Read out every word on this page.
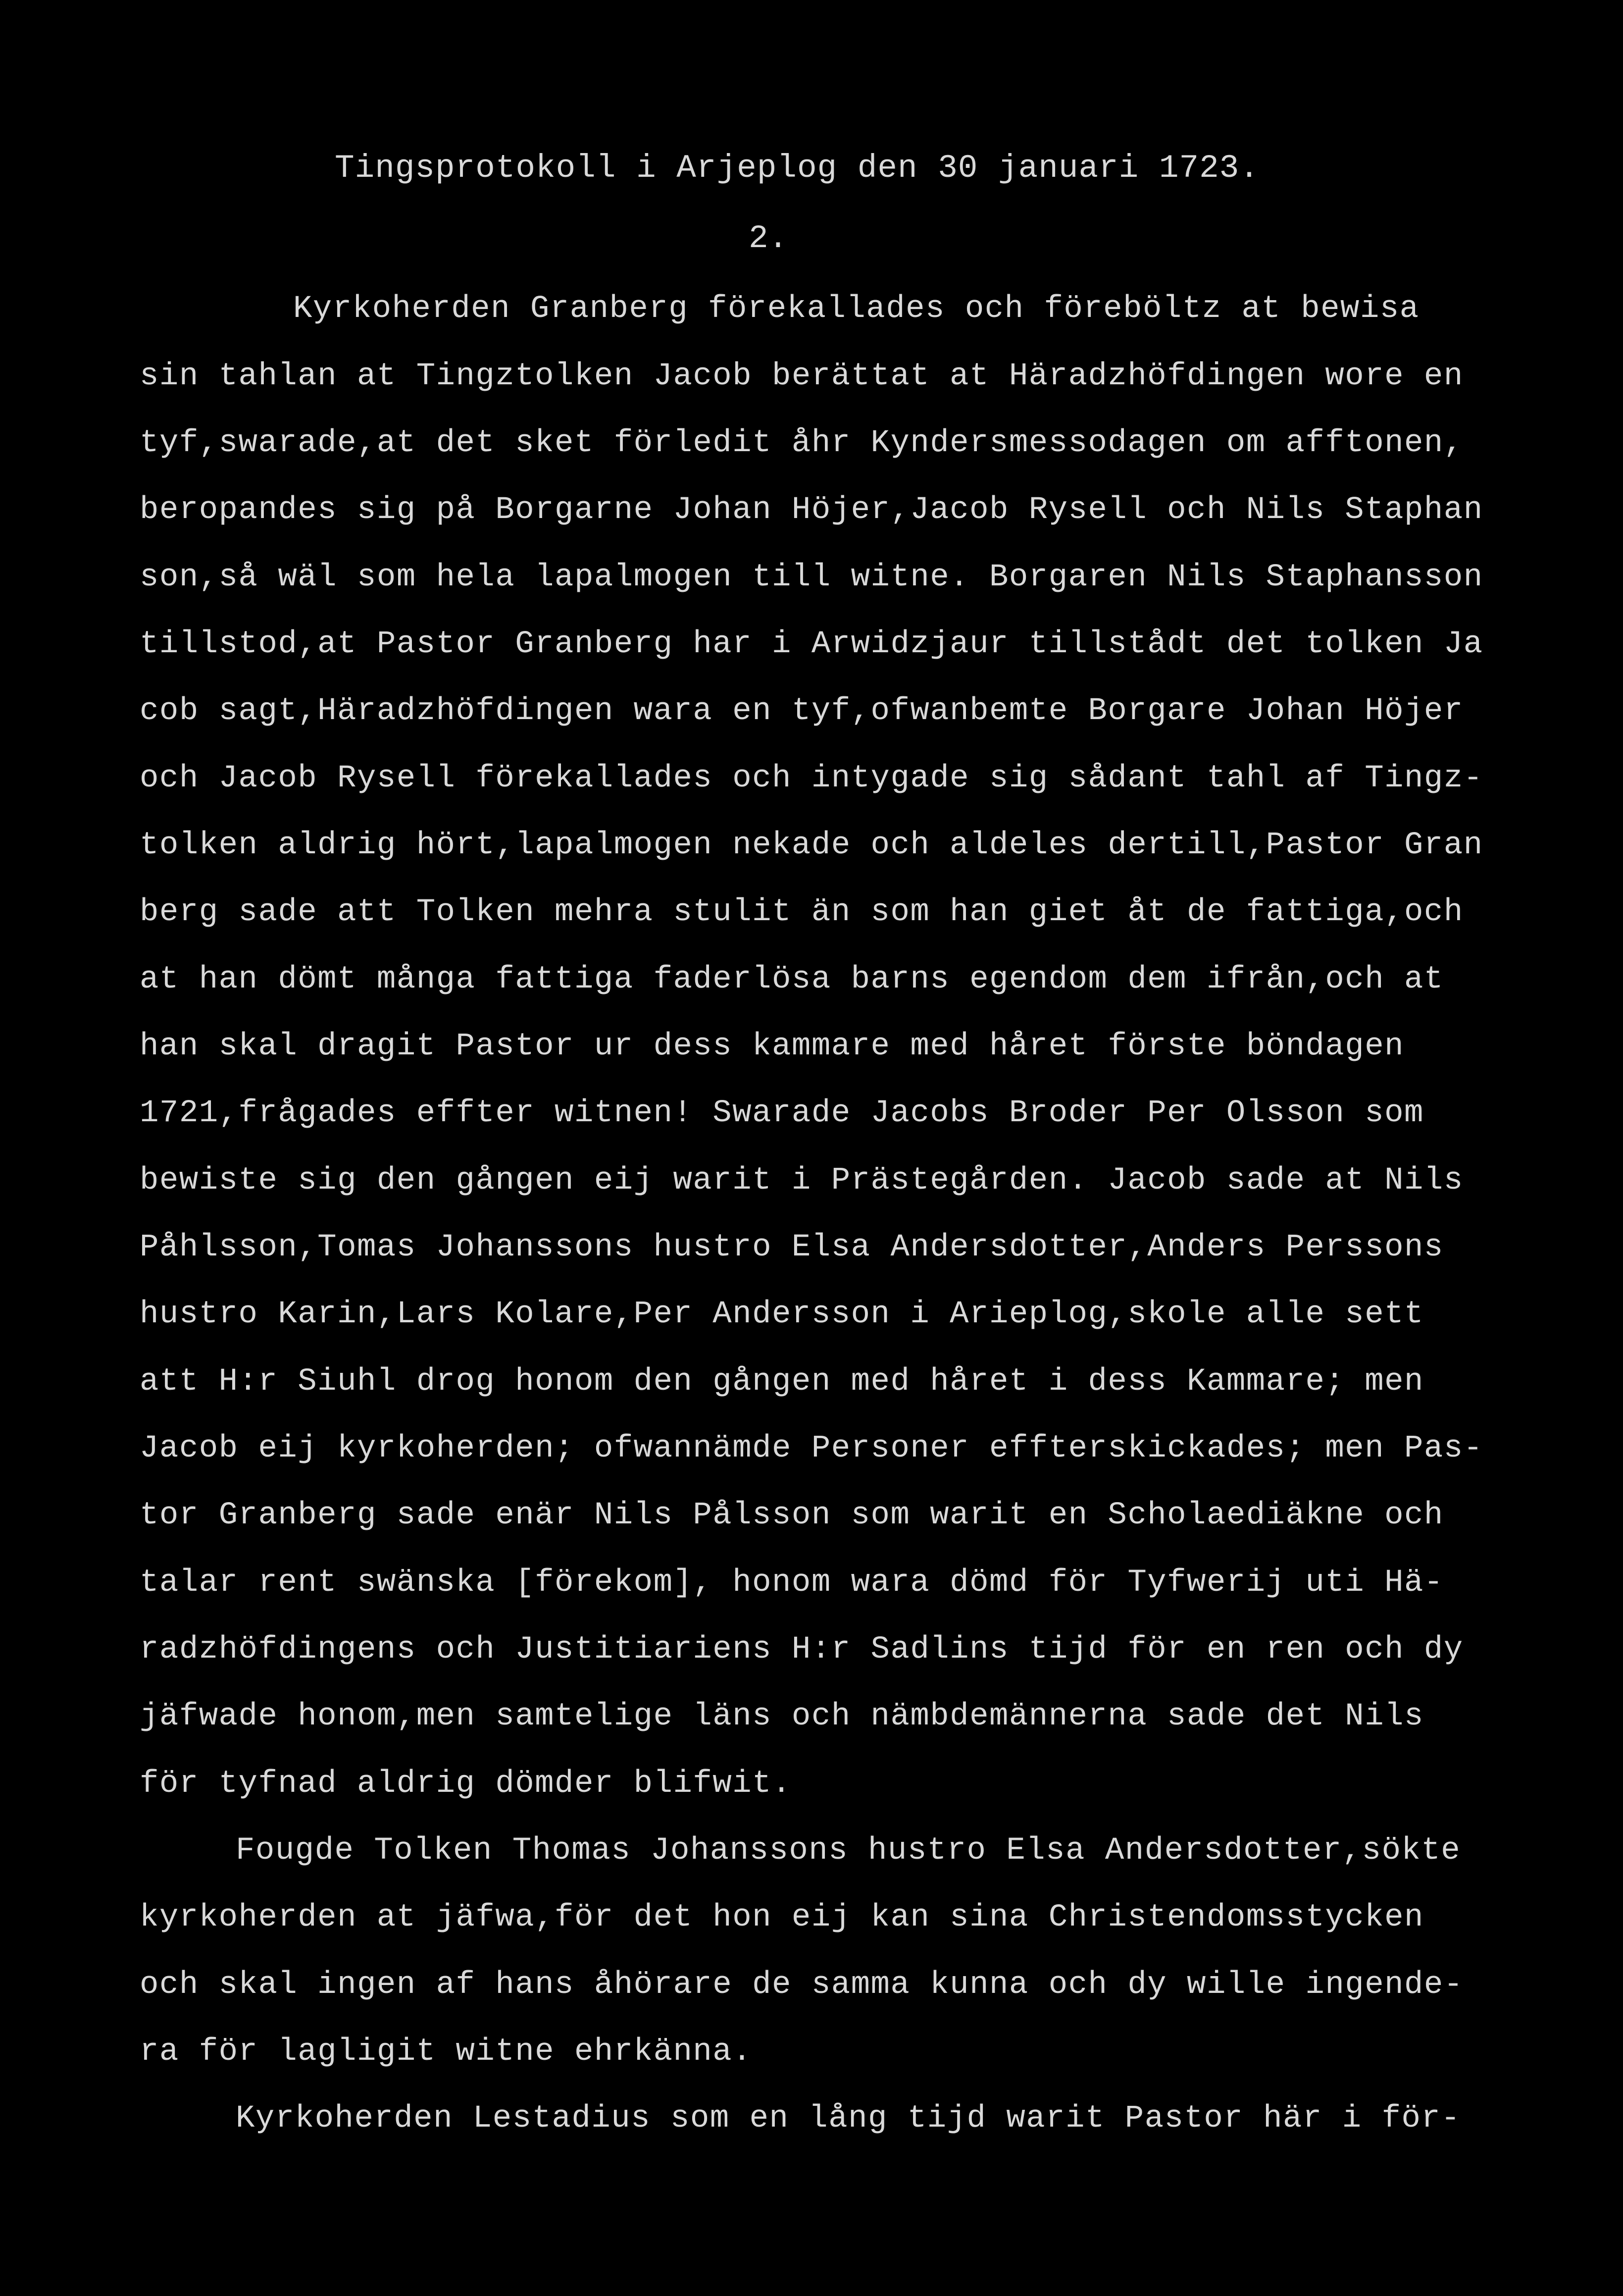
Tingsprotokoll i Arjeplog den 30 januari 1723.
2.
Kyrkoherden Granberg förekallades och föreböltz at bewisa
sin tahlan at Tingztolken Jacob berättat at Häradzhöfdingen wore en
tyf,swarade,at det sket förledit åhr Kyndersmessodagen om afftonen,
beropandes sig på Borgarne Johan Höjer,Jacob Rysell och Nils Staphan
son,så wäl som hela lapalmogen till witne. Borgaren Nils Staphansson
tillstod,at Pastor Granberg har i Arwidzjaur tillstådt det tolken Ja
cob sagt,Häradzhöfdingen wara en tyf,ofwanbemte Borgare Johan Höjer
och Jacob Rysell förekallades och intygade sig sådant tahl af Tingz-
tolken aldrig hört,lapalmogen nekade och aldeles dertill,Pastor Gran
berg sade att Tolken mehra stulit än som han giet åt de fattiga,och
at han dömt många fattiga faderlösa barns egendom dem ifrån,och at
han skal dragit Pastor ur dess kammare med håret förste böndagen
1721,frågades effter witnen! Swarade Jacobs Broder Per Olsson som
bewiste sig den gången eij warit i Prästegården. Jacob sade at Nils
Påhlsson,Tomas Johanssons hustro Elsa Andersdotter,Anders Perssons
hustro Karin,Lars Kolare,Per Andersson i Arieplog,skole alle sett
att H:r Siuhl drog honom den gången med håret i dess Kammare; men
Jacob eij kyrkoherden; ofwannämde Personer effterskickades; men Pas-
tor Granberg sade enär Nils Pålsson som warit en Scholaediäkne och
talar rent swänska [förekom], honom wara dömd för Tyfwerij uti Hä-
radzhöfdingens och Justitiariens H:r Sadlins tijd för en ren och dy
jäfwade honom,men samtelige läns och nämbdemännerna sade det Nils
för tyfnad aldrig dömder blifwit.
Fougde Tolken Thomas Johanssons hustro Elsa Andersdotter,sökte
kyrkoherden at jäfwa,för det hon eij kan sina Christendomsstycken
och skal ingen af hans åhörare de samma kunna och dy wille ingende-
ra för lagligit witne ehrkänna.
Kyrkoherden Lestadius som en lång tijd warit Pastor här i för-
